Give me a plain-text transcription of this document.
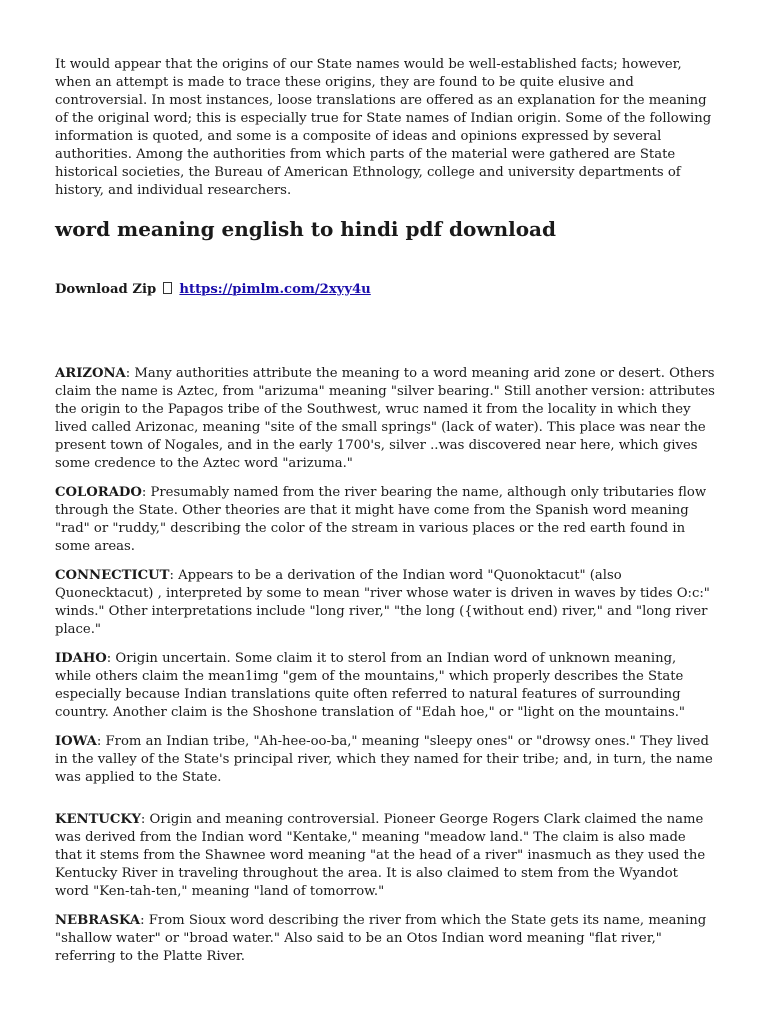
It would appear that the origins of our State names would be well-established facts; however, when an attempt is made to trace these origins, they are found to be quite elusive and controversial. In most instances, loose translations are offered as an explanation for the meaning of the original word; this is especially true for State names of Indian origin. Some of the following information is quoted, and some is a composite of ideas and opinions expressed by several authorities. Among the authorities from which parts of the material were gathered are State historical societies, the Bureau of American Ethnology, college and university departments of history, and individual researchers.

word meaning english to hindi pdf download
Download Zip https://pimlm.com/2xyy4u

ARIZONA: Many authorities attribute the meaning to a word meaning arid zone or desert. Others claim the name is Aztec, from "arizuma" meaning "silver bearing." Still another version: attributes the origin to the Papagos tribe of the Southwest, wruc named it from the locality in which they lived called Arizonac, meaning "site of the small springs" (lack of water). This place was near the present town of Nogales, and in the early 1700's, silver ..was discovered near here, which gives some credence to the Aztec word "arizuma."

COLORADO: Presumably named from the river bearing the name, although only tributaries flow through the State. Other theories are that it might have come from the Spanish word meaning "rad" or "ruddy," describing the color of the stream in various places or the red earth found in some areas.

CONNECTICUT: Appears to be a derivation of the Indian word "Quonoktacut" (also Quonecktacut) , interpreted by some to mean "river whose water is driven in waves by tides O:c:" winds." Other interpretations include "long river," "the long ({without end) river," and "long river place."

IDAHO: Origin uncertain. Some claim it to sterol from an Indian word of unknown meaning, while others claim the mean1img "gem of the mountains," which properly describes the State especially because Indian translations quite often referred to natural features of surrounding country. Another claim is the Shoshone translation of "Edah hoe," or "light on the mountains."

IOWA: From an Indian tribe, "Ah-hee-oo-ba," meaning "sleepy ones" or "drowsy ones." They lived in the valley of the State's principal river, which they named for their tribe; and, in turn, the name was applied to the State.

KENTUCKY: Origin and meaning controversial. Pioneer George Rogers Clark claimed the name was derived from the Indian word "Kentake," meaning "meadow land." The claim is also made that it stems from the Shawnee word meaning "at the head of a river" inasmuch as they used the Kentucky River in traveling throughout the area. It is also claimed to stem from the Wyandot word "Ken-tah-ten," meaning "land of tomorrow."

NEBRASKA: From Sioux word describing the river from which the State gets its name, meaning "shallow water" or "broad water." Also said to be an Otos Indian word meaning "flat river," referring to the Platte River.
